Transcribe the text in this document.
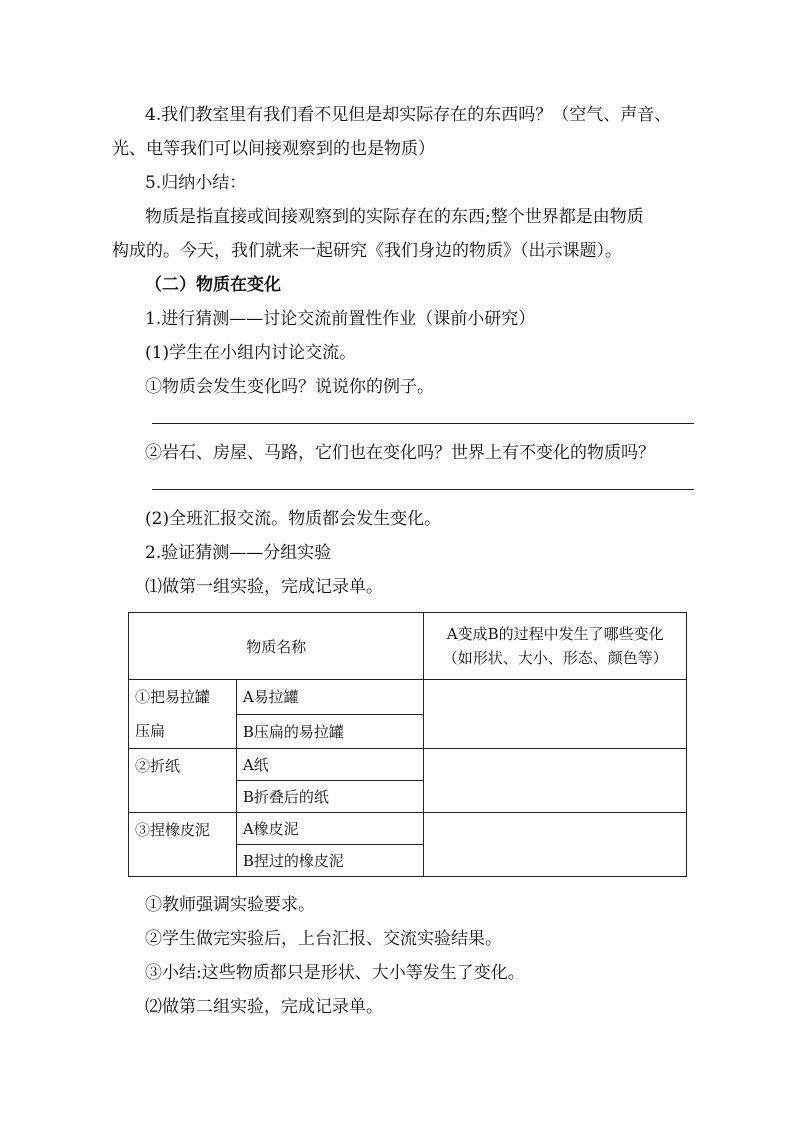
4.我们教室里有我们看不见但是却实际存在的东西吗？（空气、声音、
光、电等我们可以间接观察到的也是物质）
5.归纳小结：
物质是指直接或间接观察到的实际存在的东西;整个世界都是由物质
构成的。今天，我们就来一起研究《我们身边的物质》（出示课题）。
（二）物质在变化
1.进行猜测——讨论交流前置性作业（课前小研究）
(1)学生在小组内讨论交流。
①物质会发生变化吗？说说你的例子。
②岩石、房屋、马路，它们也在变化吗？世界上有不变化的物质吗？
(2)全班汇报交流。物质都会发生变化。
2.验证猜测——分组实验
⑴做第一组实验，完成记录单。
物质名称		A变成B的过程中发生了哪些变化
（如形状、大小、形态、颜色等）

①把易拉罐
压扁	A易拉罐	
	B压扁的易拉罐	

②折纸	A纸	
	B折叠后的纸	

③捏橡皮泥	A橡皮泥	
	B捏过的橡皮泥	
①教师强调实验要求。
②学生做完实验后，上台汇报、交流实验结果。
③小结:这些物质都只是形状、大小等发生了变化。
⑵做第二组实验，完成记录单。
